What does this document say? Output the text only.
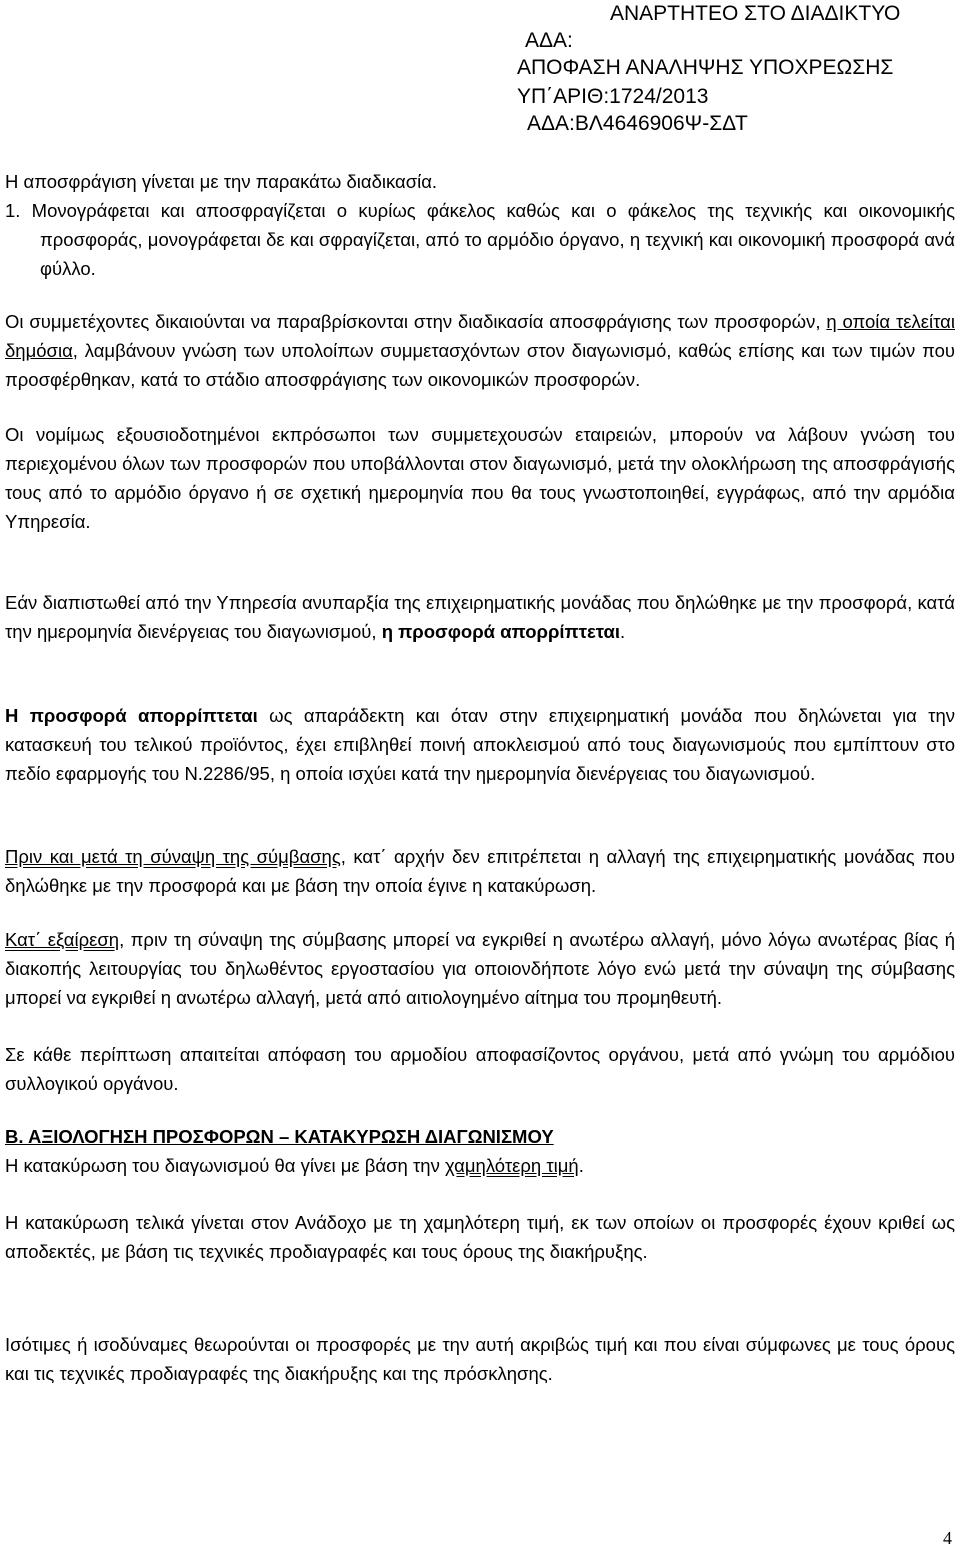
ΑΝΑΡΤΗΤΕΟ ΣΤΟ ΔΙΑΔΙΚΤΥΟ
ΑΔΑ:
ΑΠΟΦΑΣΗ ΑΝΑΛΗΨΗΣ ΥΠΟΧΡΕΩΣΗΣ
ΥΠ΄ΑΡΙΘ:1724/2013
ΑΔΑ:ΒΛ4646906Ψ-ΣΔΤ

Η αποσφράγιση γίνεται με την παρακάτω διαδικασία.

1. Μονογράφεται και αποσφραγίζεται ο κυρίως φάκελος καθώς και ο φάκελος της τεχνικής και οικονομικής προσφοράς, μονογράφεται δε και σφραγίζεται, από το αρμόδιο όργανο, η τεχνική και οικονομική προσφορά ανά φύλλο.

Οι συμμετέχοντες δικαιούνται να παραβρίσκονται στην διαδικασία αποσφράγισης των προσφορών, η οποία τελείται δημόσια, λαμβάνουν γνώση των υπολοίπων συμμετασχόντων στον διαγωνισμό, καθώς επίσης και των τιμών που προσφέρθηκαν, κατά το στάδιο αποσφράγισης των οικονομικών προσφορών.

Οι νομίμως εξουσιοδοτημένοι εκπρόσωποι των συμμετεχουσών εταιρειών, μπορούν να λάβουν γνώση του περιεχομένου όλων των προσφορών που υποβάλλονται στον διαγωνισμό, μετά την ολοκλήρωση της αποσφράγισής τους από το αρμόδιο όργανο ή σε σχετική ημερομηνία που θα τους γνωστοποιηθεί, εγγράφως, από την αρμόδια Υπηρεσία.

Εάν διαπιστωθεί από την Υπηρεσία ανυπαρξία της επιχειρηματικής μονάδας που δηλώθηκε με την προσφορά, κατά την ημερομηνία διενέργειας του διαγωνισμού, η προσφορά απορρίπτεται.

Η προσφορά απορρίπτεται ως απαράδεκτη και όταν στην επιχειρηματική μονάδα που δηλώνεται για την κατασκευή του τελικού προϊόντος, έχει επιβληθεί ποινή αποκλεισμού από τους διαγωνισμούς που εμπίπτουν στο πεδίο εφαρμογής του Ν.2286/95, η οποία ισχύει κατά την ημερομηνία διενέργειας του διαγωνισμού.

Πριν και μετά τη σύναψη της σύμβασης, κατ΄ αρχήν δεν επιτρέπεται η αλλαγή της επιχειρηματικής μονάδας που δηλώθηκε με την προσφορά και με βάση την οποία έγινε η κατακύρωση.

Κατ΄ εξαίρεση, πριν τη σύναψη της σύμβασης μπορεί να εγκριθεί η ανωτέρω αλλαγή, μόνο λόγω ανωτέρας βίας ή διακοπής λειτουργίας του δηλωθέντος εργοστασίου για οποιονδήποτε λόγο ενώ μετά την σύναψη της σύμβασης μπορεί να εγκριθεί η ανωτέρω αλλαγή, μετά από αιτιολογημένο αίτημα του προμηθευτή.

Σε κάθε περίπτωση απαιτείται απόφαση του αρμοδίου αποφασίζοντος οργάνου, μετά από γνώμη του αρμόδιου συλλογικού οργάνου.

Β. ΑΞΙΟΛΟΓΗΣΗ ΠΡΟΣΦΟΡΩΝ – ΚΑΤΑΚΥΡΩΣΗ ΔΙΑΓΩΝΙΣΜΟΥ

Η κατακύρωση του διαγωνισμού θα γίνει με βάση την χαμηλότερη τιμή.

Η κατακύρωση τελικά γίνεται στον Ανάδοχο με τη χαμηλότερη τιμή, εκ των οποίων οι προσφορές έχουν κριθεί ως αποδεκτές, με βάση τις τεχνικές προδιαγραφές και τους όρους της διακήρυξης.

Ισότιμες ή ισοδύναμες θεωρούνται οι προσφορές με την αυτή ακριβώς τιμή και που είναι σύμφωνες με τους όρους και τις τεχνικές προδιαγραφές της διακήρυξης και της πρόσκλησης.

4
